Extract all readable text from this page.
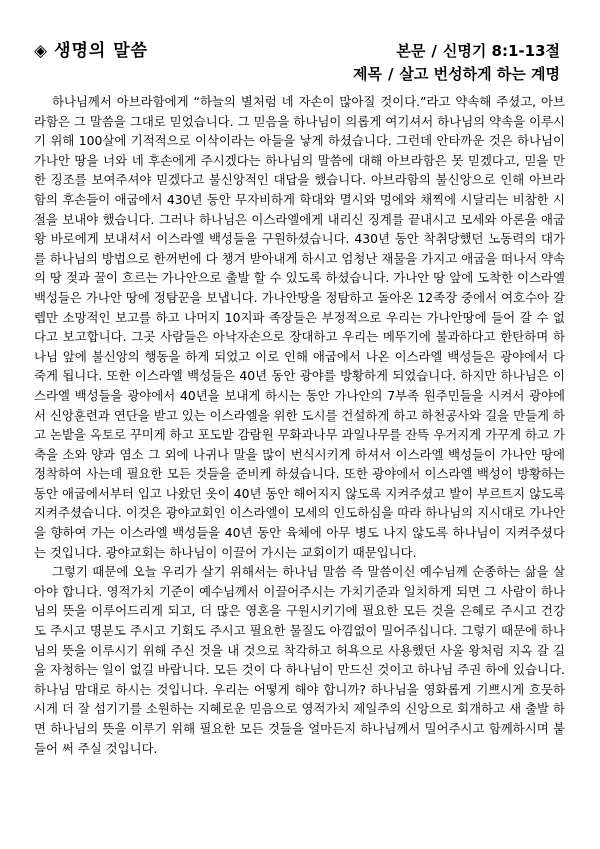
◈ 생명의 말씀	본문 / 신명기 8:1-13절
제목 / 살고 번성하게 하는 계명

하나님께서 아브라함에게 “하늘의 별처럼 네 자손이 많아질 것이다.”라고 약속해 주셨고, 아브라함은 그 말씀을 그대로 믿었습니다. 그 믿음을 하나님이 의롭게 여기셔서 하나님의 약속을 이루시기 위해 100살에 기적적으로 이삭이라는 아들을 낳게 하셨습니다. 그런데 안타까운 것은 하나님이 가나안 땅을 너와 네 후손에게 주시겠다는 하나님의 말씀에 대해 아브라함은 못 믿겠다고, 믿을 만한 징조를 보여주셔야 믿겠다고 불신앙적인 대답을 했습니다. 아브라함의 불신앙으로 인해 아브라함의 후손들이 애굽에서 430년 동안 무자비하게 학대와 멸시와 멍에와 채찍에 시달리는 비참한 시절을 보내야 했습니다. 그러나 하나님은 이스라엘에게 내리신 징계를 끝내시고 모세와 아론을 애굽왕 바로에게 보내셔서 이스라엘 백성들을 구원하셨습니다. 430년 동안 착취당했던 노동력의 대가를 하나님의 방법으로 한꺼번에 다 챙겨 받아내게 하시고 엄청난 재물을 가지고 애굽을 떠나서 약속의 땅 젖과 꿀이 흐르는 가나안으로 출발 할 수 있도록 하셨습니다. 가나안 땅 앞에 도착한 이스라엘 백성들은 가나안 땅에 정탐꾼을 보냅니다. 가나안땅을 정탐하고 돌아온 12족장 중에서 여호수아 갈렙만 소망적인 보고를 하고 나머지 10지파 족장들은 부정적으로 우리는 가나안땅에 들어 갈 수 없다고 보고합니다. 그곳 사람들은 아낙자손으로 장대하고 우리는 메뚜기에 불과하다고 한탄하며 하나님 앞에 불신앙의 행동을 하게 되었고 이로 인해 애굽에서 나온 이스라엘 백성들은 광야에서 다 죽게 됩니다. 또한 이스라엘 백성들은 40년 동안 광야를 방황하게 되었습니다. 하지만 하나님은 이스라엘 백성들을 광야에서 40년을 보내게 하시는 동안 가나안의 7부족 원주민들을 시켜서 광야에서 신앙훈련과 연단을 받고 있는 이스라엘을 위한 도시를 건설하게 하고 하천공사와 길을 만들게 하고 논밭을 옥토로 꾸미게 하고 포도밭 감람원 무화과나무 과일나무를 잔뜩 우거지게 가꾸게 하고 가축을 소와 양과 염소 그 외에 나귀나 말을 많이 번식시키게 하셔서 이스라엘 백성들이 가나안 땅에 정착하여 사는데 필요한 모든 것들을 준비케 하셨습니다. 또한 광야에서 이스라엘 백성이 방황하는 동안 애굽에서부터 입고 나왔던 옷이 40년 동안 해어지지 않도록 지켜주셨고 발이 부르트지 않도록 지켜주셨습니다. 이것은 광야교회인 이스라엘이 모세의 인도하심을 따라 하나님의 지시대로 가나안을 향하여 가는 이스라엘 백성들을 40년 동안 육체에 아무 병도 나지 않도록 하나님이 지켜주셨다는 것입니다. 광야교회는 하나님이 이끌어 가시는 교회이기 때문입니다.

그렇기 때문에 오늘 우리가 살기 위해서는 하나님 말씀 즉 말씀이신 예수님께 순종하는 삶을 살아야 합니다. 영적가치 기준이 예수님께서 이끌어주시는 가치기준과 일치하게 되면 그 사람이 하나님의 뜻을 이루어드리게 되고, 더 많은 영혼을 구원시키기에 필요한 모든 것을 은혜로 주시고 건강도 주시고 명분도 주시고 기회도 주시고 필요한 물질도 아낌없이 밀어주십니다. 그렇기 때문에 하나님의 뜻을 이루시기 위해 주신 것을 내 것으로 착각하고 허욕으로 사용했던 사울 왕처럼 지옥 갈 길을 자청하는 일이 없길 바랍니다. 모든 것이 다 하나님이 만드신 것이고 하나님 주권 하에 있습니다. 하나님 맘대로 하시는 것입니다. 우리는 어떻게 해야 합니까? 하나님을 영화롭게 기쁘시게 흐뭇하시게 더 잘 섬기기를 소원하는 지혜로운 믿음으로 영적가치 제일주의 신앙으로 회개하고 새 출발 하면 하나님의 뜻을 이루기 위해 필요한 모든 것들을 얼마든지 하나님께서 밀어주시고 함께하시며 붙들어 써 주실 것입니다.
